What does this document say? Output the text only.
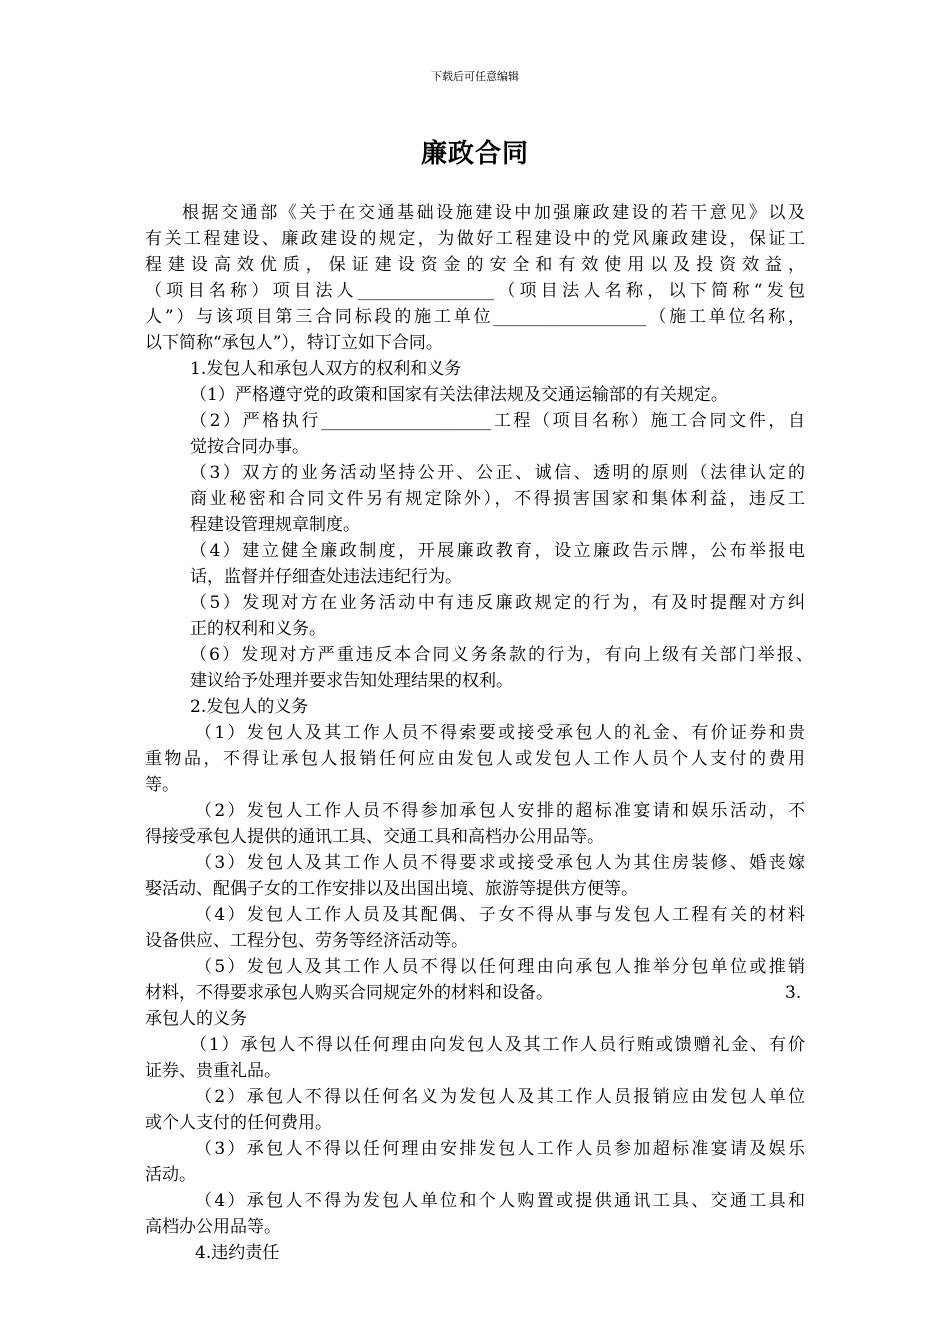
下载后可任意编辑
廉政合同
根据交通部《关于在交通基础设施建设中加强廉政建设的若干意见》以及
有关工程建设、廉政建设的规定，为做好工程建设中的党风廉政建设，保证工
程建设高效优质，保证建设资金的安全和有效使用以及投资效益，
（项目名称）项目法人________________（项目法人名称，以下简称“发包
人”）与该项目第三合同标段的施工单位__________________（施工单位名称，
以下简称“承包人”），特订立如下合同。
1.发包人和承包人双方的权利和义务
（1）严格遵守党的政策和国家有关法律法规及交通运输部的有关规定。
（2）严格执行____________________工程（项目名称）施工合同文件，自
觉按合同办事。
（3）双方的业务活动坚持公开、公正、诚信、透明的原则（法律认定的
商业秘密和合同文件另有规定除外），不得损害国家和集体利益，违反工
程建设管理规章制度。
（4）建立健全廉政制度，开展廉政教育，设立廉政告示牌，公布举报电
话，监督并仔细查处违法违纪行为。
（5）发现对方在业务活动中有违反廉政规定的行为，有及时提醒对方纠
正的权利和义务。
（6）发现对方严重违反本合同义务条款的行为，有向上级有关部门举报、
建议给予处理并要求告知处理结果的权利。
2.发包人的义务
（1）发包人及其工作人员不得索要或接受承包人的礼金、有价证券和贵
重物品，不得让承包人报销任何应由发包人或发包人工作人员个人支付的费用
等。
（2）发包人工作人员不得参加承包人安排的超标准宴请和娱乐活动，不
得接受承包人提供的通讯工具、交通工具和高档办公用品等。
（3）发包人及其工作人员不得要求或接受承包人为其住房装修、婚丧嫁
娶活动、配偶子女的工作安排以及出国出境、旅游等提供方便等。
（4）发包人工作人员及其配偶、子女不得从事与发包人工程有关的材料
设备供应、工程分包、劳务等经济活动等。
（5）发包人及其工作人员不得以任何理由向承包人推举分包单位或推销
材料，不得要求承包人购买合同规定外的材料和设备。	3.
承包人的义务
（1）承包人不得以任何理由向发包人及其工作人员行贿或馈赠礼金、有价
证券、贵重礼品。
（2）承包人不得以任何名义为发包人及其工作人员报销应由发包人单位
或个人支付的任何费用。
（3）承包人不得以任何理由安排发包人工作人员参加超标准宴请及娱乐
活动。
（4）承包人不得为发包人单位和个人购置或提供通讯工具、交通工具和
高档办公用品等。
4.违约责任
